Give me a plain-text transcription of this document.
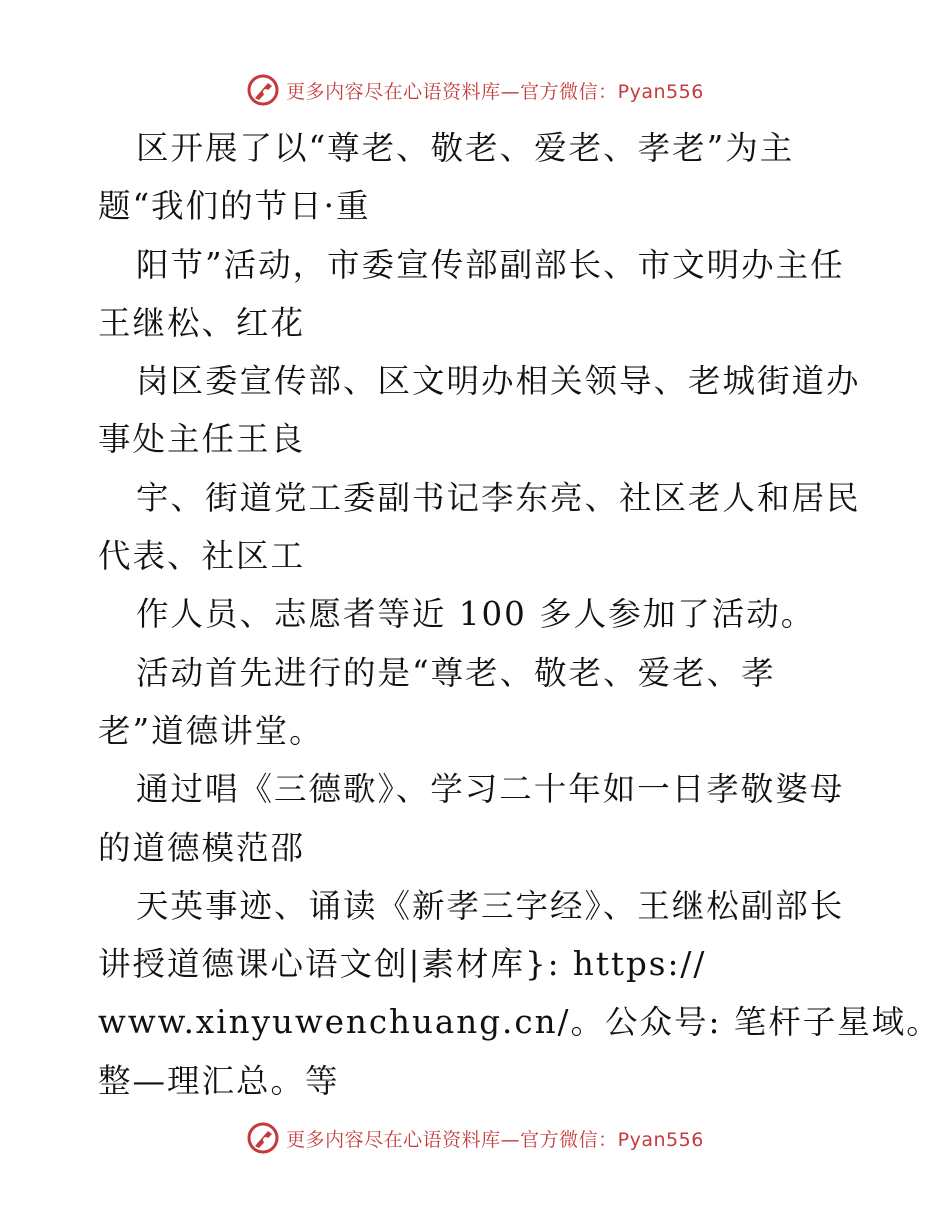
更多内容尽在心语资料库—官方微信：Pyan556
区开展了以“尊老、敬老、爱老、孝老”为主
题“我们的节日·重
阳节”活动，市委宣传部副部长、市文明办主任
王继松、红花
岗区委宣传部、区文明办相关领导、老城街道办
事处主任王良
宇、街道党工委副书记李东亮、社区老人和居民
代表、社区工
作人员、志愿者等近 100 多人参加了活动。
活动首先进行的是“尊老、敬老、爱老、孝
老”道德讲堂。
通过唱《三德歌》、学习二十年如一日孝敬婆母
的道德模范邵
天英事迹、诵读《新孝三字经》、王继松副部长
讲授道德课心语文创|素材库}: https://
www.xinyuwenchuang.cn/。公众号: 笔杆子星域。
整—理汇总。等
更多内容尽在心语资料库—官方微信：Pyan556
